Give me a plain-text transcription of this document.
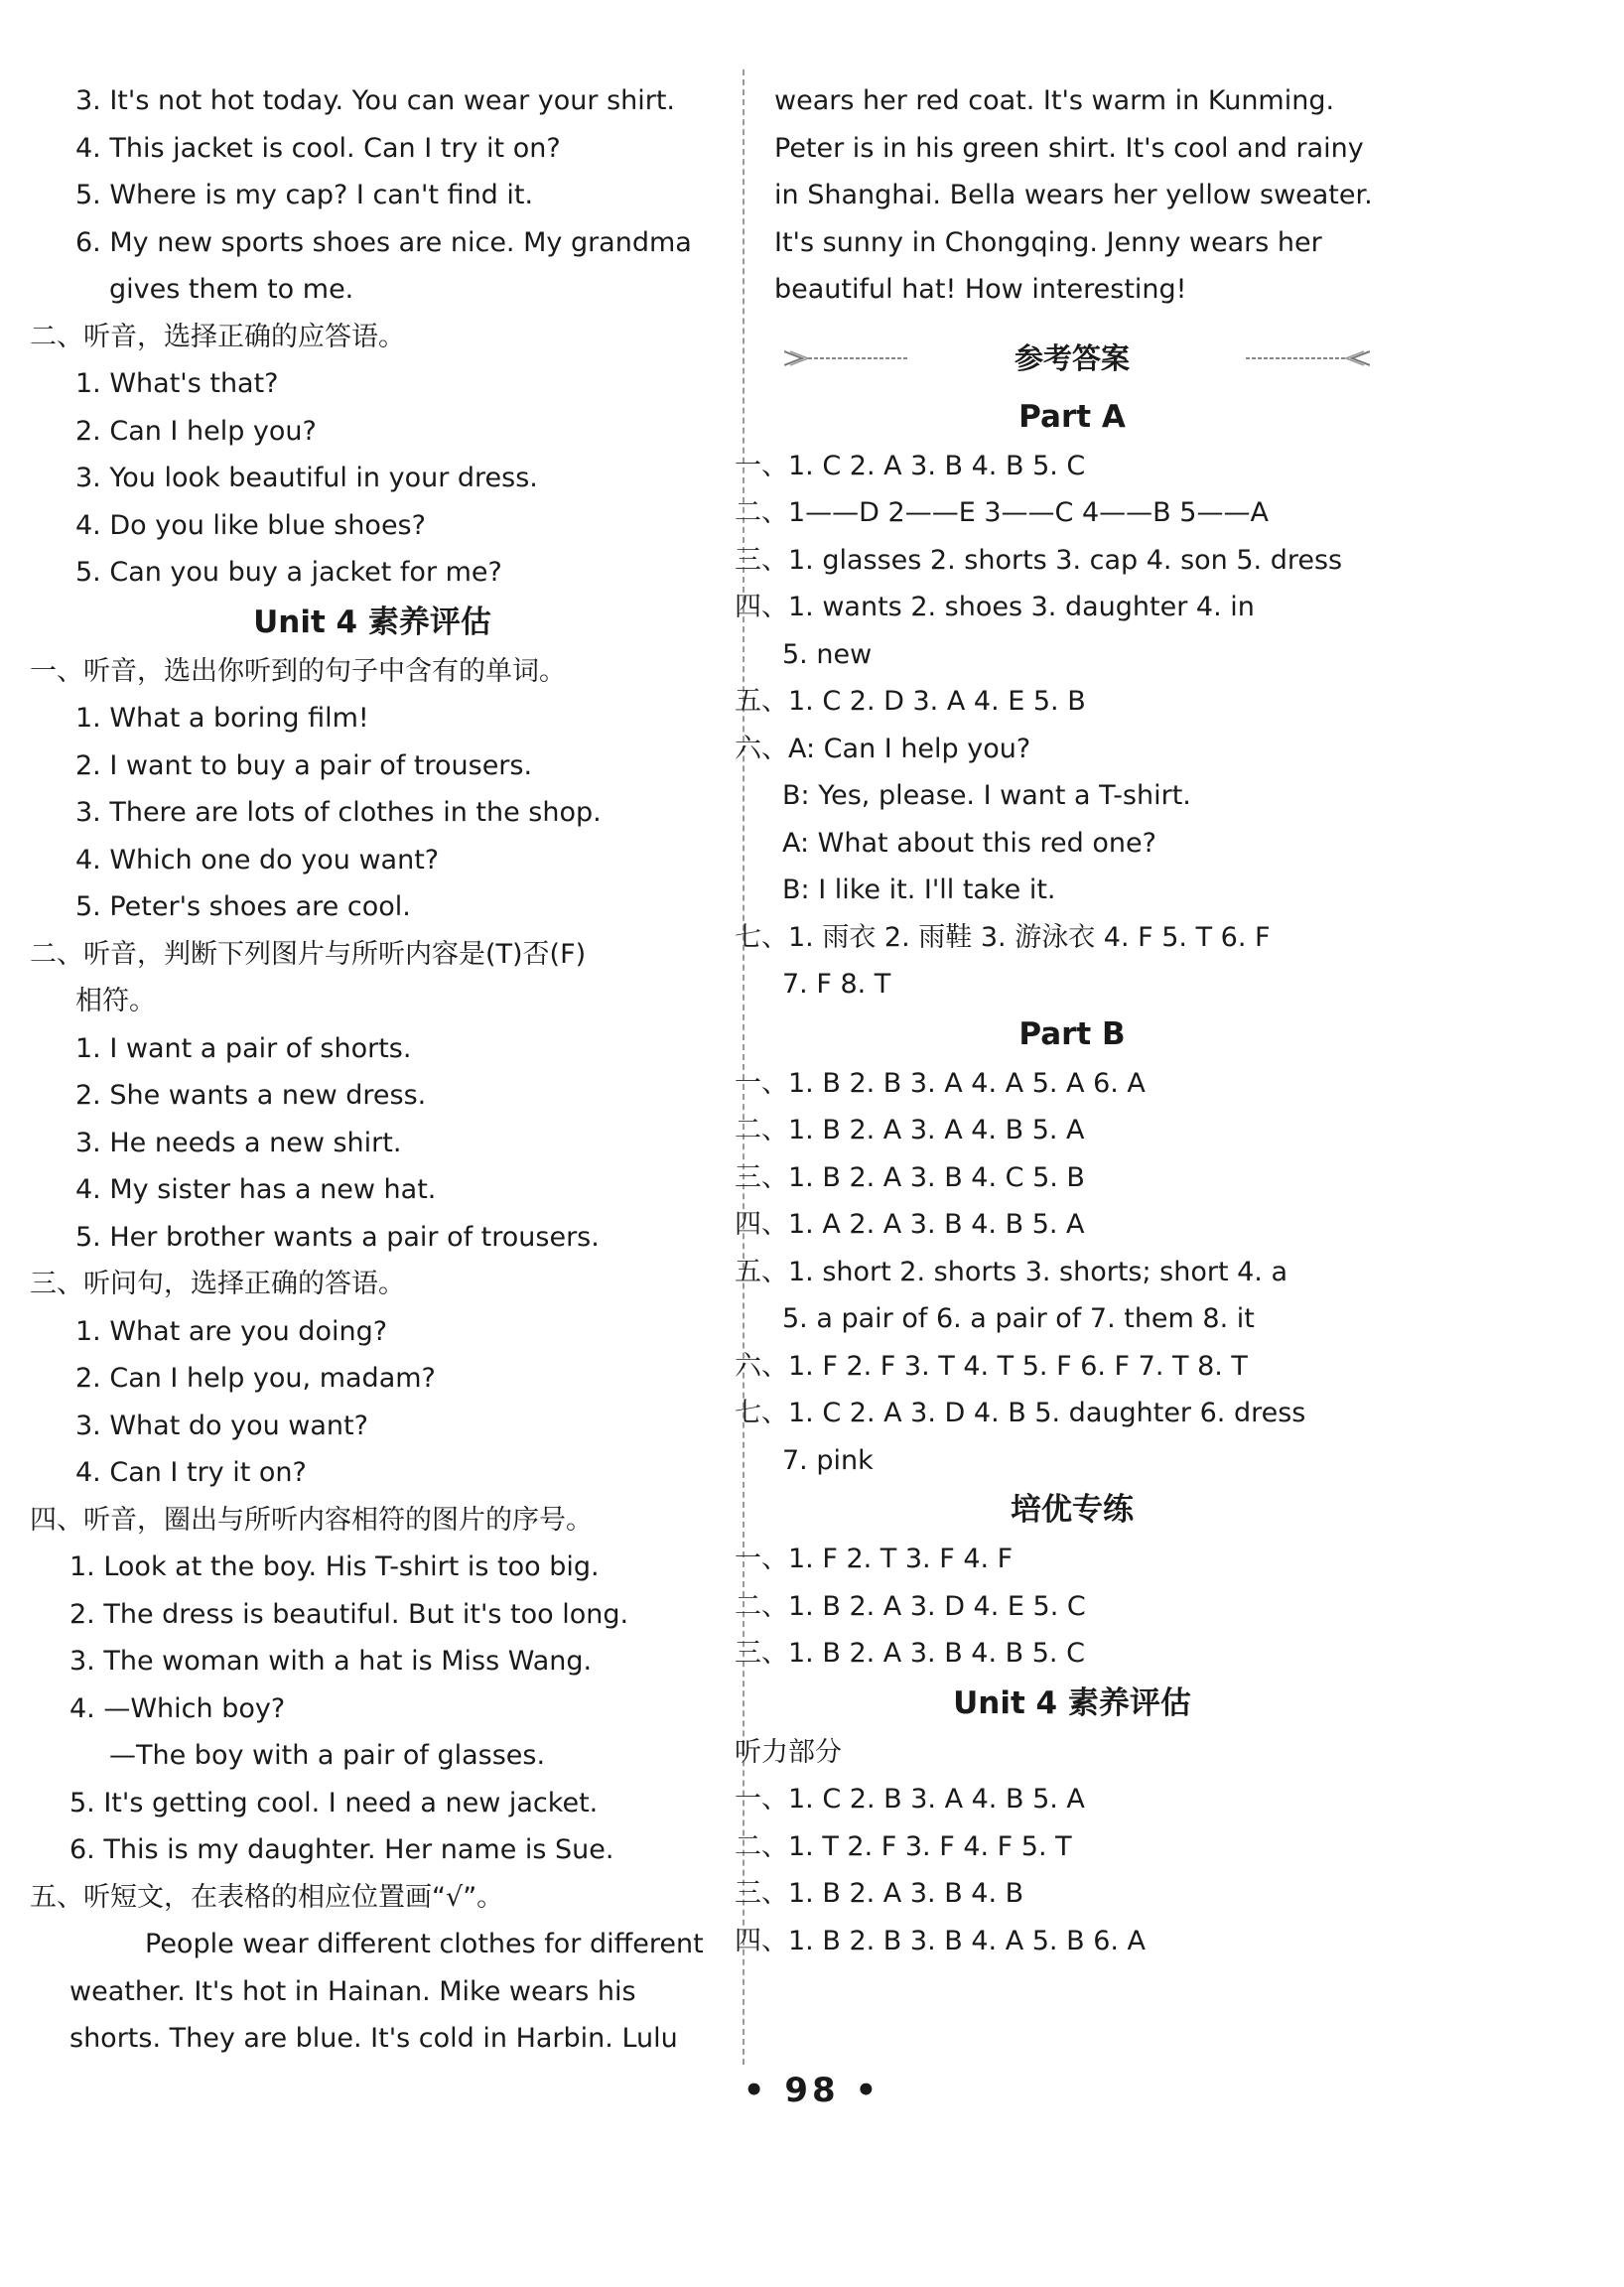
3. It's not hot today. You can wear your shirt.
4. This jacket is cool. Can I try it on?
5. Where is my cap? I can't find it.
6. My new sports shoes are nice. My grandma
gives them to me.
二、听音，选择正确的应答语。
1. What's that?
2. Can I help you?
3. You look beautiful in your dress.
4. Do you like blue shoes?
5. Can you buy a jacket for me?
Unit 4 素养评估
一、听音，选出你听到的句子中含有的单词。
1. What a boring film!
2. I want to buy a pair of trousers.
3. There are lots of clothes in the shop.
4. Which one do you want?
5. Peter's shoes are cool.
二、听音，判断下列图片与所听内容是(T)否(F)
相符。
1. I want a pair of shorts.
2. She wants a new dress.
3. He needs a new shirt.
4. My sister has a new hat.
5. Her brother wants a pair of trousers.
三、听问句，选择正确的答语。
1. What are you doing?
2. Can I help you, madam?
3. What do you want?
4. Can I try it on?
四、听音，圈出与所听内容相符的图片的序号。
1. Look at the boy. His T-shirt is too big.
2. The dress is beautiful. But it's too long.
3. The woman with a hat is Miss Wang.
4. —Which boy?
—The boy with a pair of glasses.
5. It's getting cool. I need a new jacket.
6. This is my daughter. Her name is Sue.
五、听短文，在表格的相应位置画“√”。
People wear different clothes for different
weather. It's hot in Hainan. Mike wears his
shorts. They are blue. It's cold in Harbin. Lulu
wears her red coat. It's warm in Kunming.
Peter is in his green shirt. It's cool and rainy
in Shanghai. Bella wears her yellow sweater.
It's sunny in Chongqing. Jenny wears her
beautiful hat! How interesting!
参考答案
Part A
一、1. C 2. A 3. B 4. B 5. C
二、1——D 2——E 3——C 4——B 5——A
三、1. glasses 2. shorts 3. cap 4. son 5. dress
四、1. wants 2. shoes 3. daughter 4. in
5. new
五、1. C 2. D 3. A 4. E 5. B
六、A: Can I help you?
B: Yes, please. I want a T-shirt.
A: What about this red one?
B: I like it. I'll take it.
七、1. 雨衣 2. 雨鞋 3. 游泳衣 4. F 5. T 6. F
7. F 8. T
Part B
一、1. B 2. B 3. A 4. A 5. A 6. A
二、1. B 2. A 3. A 4. B 5. A
三、1. B 2. A 3. B 4. C 5. B
四、1. A 2. A 3. B 4. B 5. A
五、1. short 2. shorts 3. shorts; short 4. a
5. a pair of 6. a pair of 7. them 8. it
六、1. F 2. F 3. T 4. T 5. F 6. F 7. T 8. T
七、1. C 2. A 3. D 4. B 5. daughter 6. dress
7. pink
培优专练
一、1. F 2. T 3. F 4. F
二、1. B 2. A 3. D 4. E 5. C
三、1. B 2. A 3. B 4. B 5. C
Unit 4 素养评估
听力部分
一、1. C 2. B 3. A 4. B 5. A
二、1. T 2. F 3. F 4. F 5. T
三、1. B 2. A 3. B 4. B
四、1. B 2. B 3. B 4. A 5. B 6. A
• 98 •
